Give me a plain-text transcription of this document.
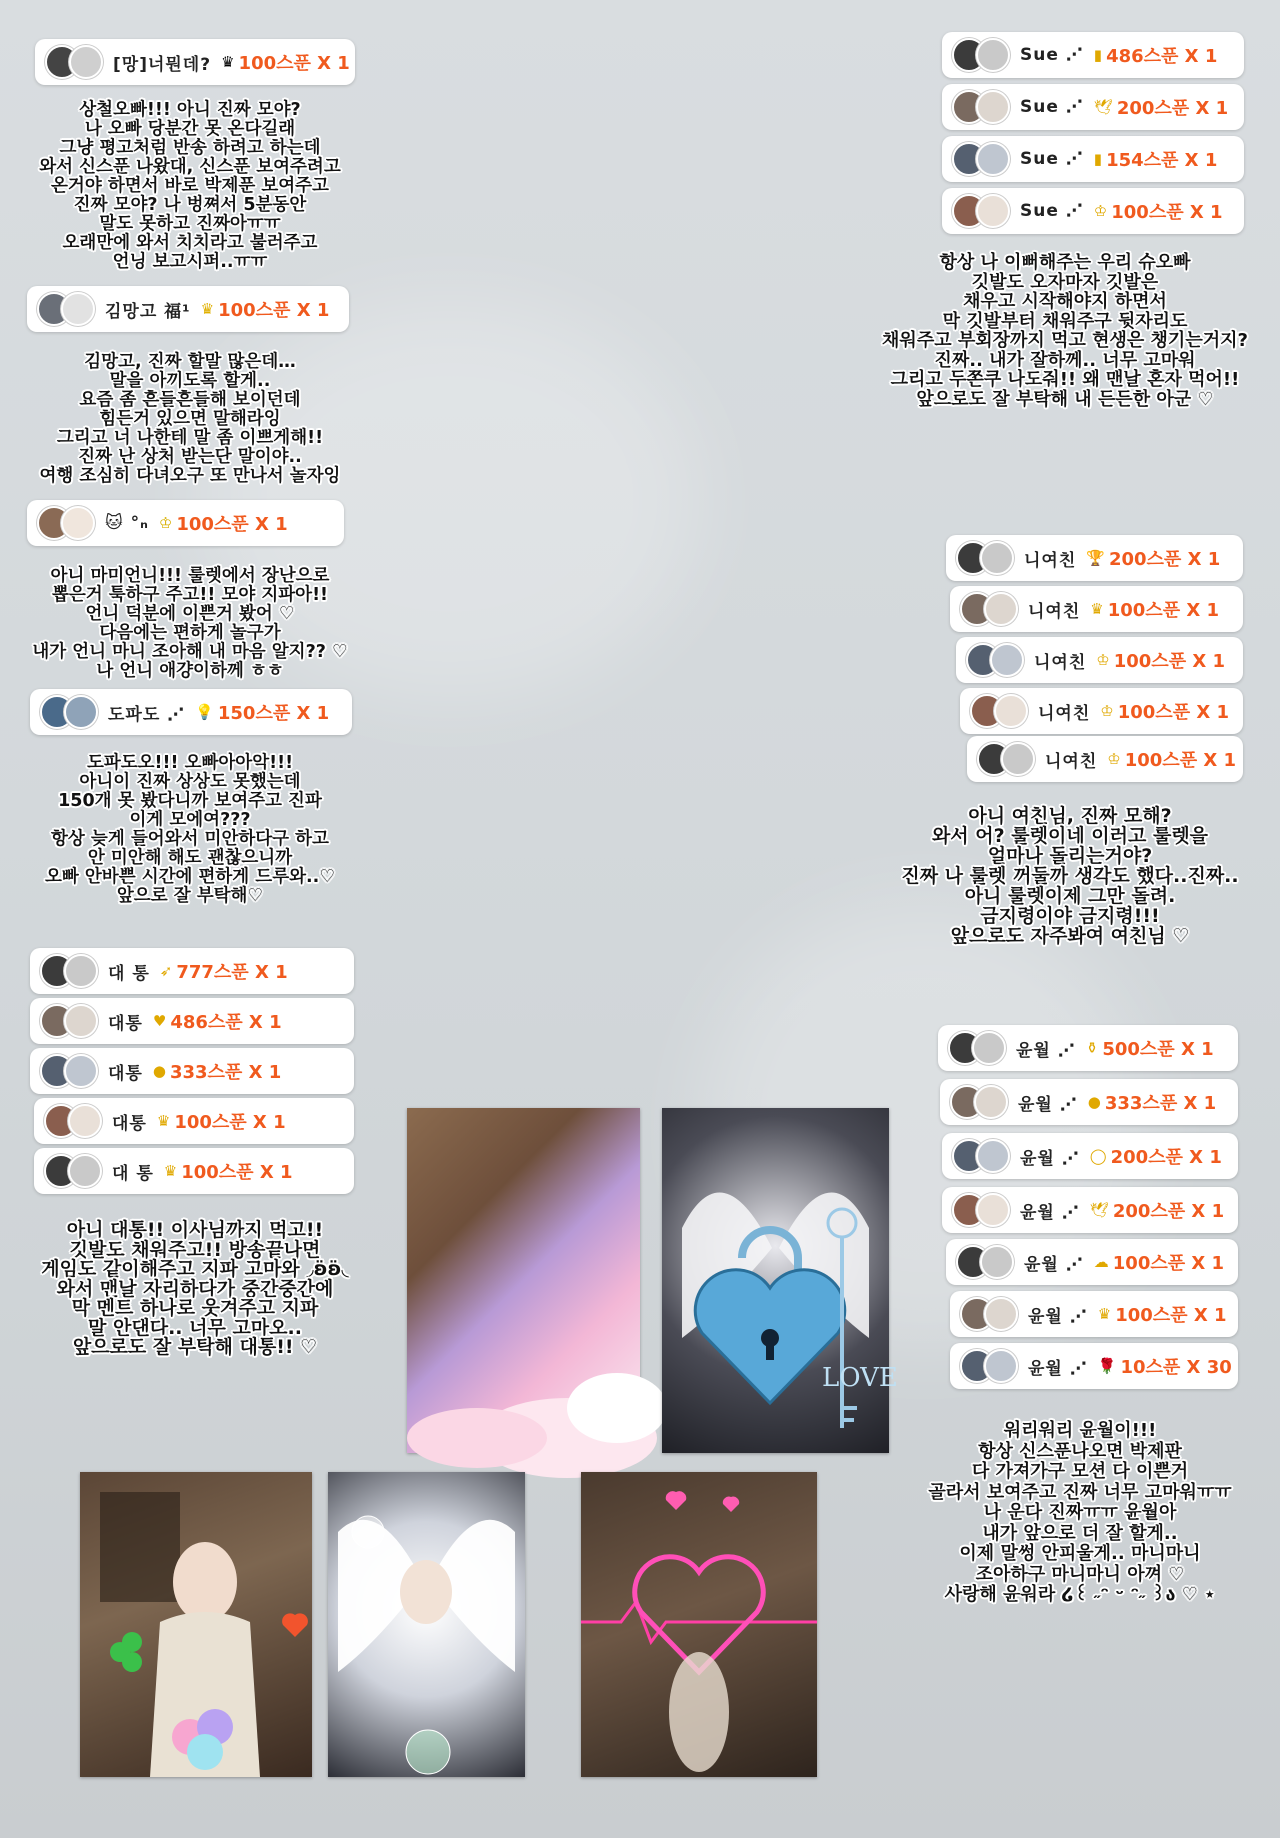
[망]너뭔데? ♛ 100스푼 X 1
상철오빠!!! 아니 진짜 모야?
나 오빠 당분간 못 온다길래
그냥 평고처럼 반송 하려고 하는데
와서 신스푼 나왔대, 신스푼 보여주려고
온거야 하면서 바로 박제푼 보여주고
진짜 모야? 나 벙쪄서 5분동안
말도 못하고 진짜아ㅠㅠ
오래만에 와서 치치라고 불러주고
언닝 보고시퍼..ㅠㅠ
김망고 福¹ ♛ 100스푼 X 1
김망고, 진짜 할말 많은데…
말을 아끼도록 할게..
요즘 좀 흔들흔들해 보이던데
힘든거 있으면 말해라잉
그리고 너 나한테 말 좀 이쁘게해!!
진짜 난 상처 받는단 말이야..
여행 조심히 다녀오구 또 만나서 놀자잉
🐱 °ₙ ♔ 100스푼 X 1
아니 마미언니!!! 룰렛에서 장난으로
뽑은거 툭하구 주고!! 모야 지파아!!
언니 덕분에 이쁜거 봤어 ♡
다음에는 편하게 놀구가
내가 언니 마니 조아해 내 마음 알지?? ♡
나 언니 애걍이하께 ㅎㅎ
도파도 ⋰ 💡 150스푼 X 1
도파도오!!! 오빠아아악!!!
아니이 진짜 상상도 못했는데
150개 못 봤다니까 보여주고 진파
이게 모에여???
항상 늦게 들어와서 미안하다구 하고
안 미안해 해도 괜찮으니까
오빠 안바쁜 시간에 편하게 드루와..♡
앞으로 잘 부탁해♡
대 통 ➶ 777스푼 X 1
대통 ♥ 486스푼 X 1
대통 ● 333스푼 X 1
대통 ♛ 100스푼 X 1
대 통 ♛ 100스푼 X 1
아니 대통!! 이사님까지 먹고!!
깃발도 채워주고!! 방송끝나면
게임도 같이해주고 지파 고마와 ◞ʚ̈ʚ̈◟
와서 맨날 자리하다가 중간중간에
막 멘트 하나로 웃겨주고 지파
말 안댄다.. 너무 고마오..
앞으로도 잘 부탁해 대통!! ♡
Sue ⋰ ▮ 486스푼 X 1
Sue ⋰ 🕊 200스푼 X 1
Sue ⋰ ▮ 154스푼 X 1
Sue ⋰ ♔ 100스푼 X 1
항상 나 이뻐해주는 우리 슈오빠
깃발도 오자마자 깃발은
채우고 시작해야지 하면서
막 깃발부터 채워주구 뒷자리도
채워주고 부회장까지 먹고 현생은 챙기는거지?
진짜.. 내가 잘하께.. 너무 고마워
그리고 두쫀쿠 나도줘!! 왜 맨날 혼자 먹어!!
앞으로도 잘 부탁해 내 든든한 아군 ♡
니여친 🏆 200스푼 X 1
니여친 ♛ 100스푼 X 1
니여친 ♔ 100스푼 X 1
니여친 ♔ 100스푼 X 1
니여친 ♔ 100스푼 X 1
아니 여친님, 진짜 모해?
와서 어? 룰렛이네 이러고 룰렛을
얼마나 돌리는거야?
진짜 나 룰렛 꺼둘까 생각도 했다..진짜..
아니 룰렛이제 그만 돌려.
금지령이야 금지령!!!
앞으로도 자주봐여 여친님 ♡
윤월 ⋰ ⚱ 500스푼 X 1
윤월 ⋰ ● 333스푼 X 1
윤월 ⋰ ◯ 200스푼 X 1
윤월 ⋰ 🕊 200스푼 X 1
윤월 ⋰ ☁ 100스푼 X 1
윤월 ⋰ ♛ 100스푼 X 1
윤월 ⋰ 🌹 10스푼 X 30
워리워리 윤월이!!!
항상 신스푼나오면 박제판
다 가져가구 모션 다 이쁜거
골라서 보여주고 진짜 너무 고마워ㅠㅠ
나 운다 진짜ㅠㅠ 윤월아
내가 앞으로 더 잘 할게..
이제 말썽 안피울게.. 마니마니
조아하구 마니마니 아껴 ♡
사랑해 윤워라 ໒꒰ ˶ᵔ ᵕ ᵔ˶ ꒱ა ♡ ⋆
LOVE
